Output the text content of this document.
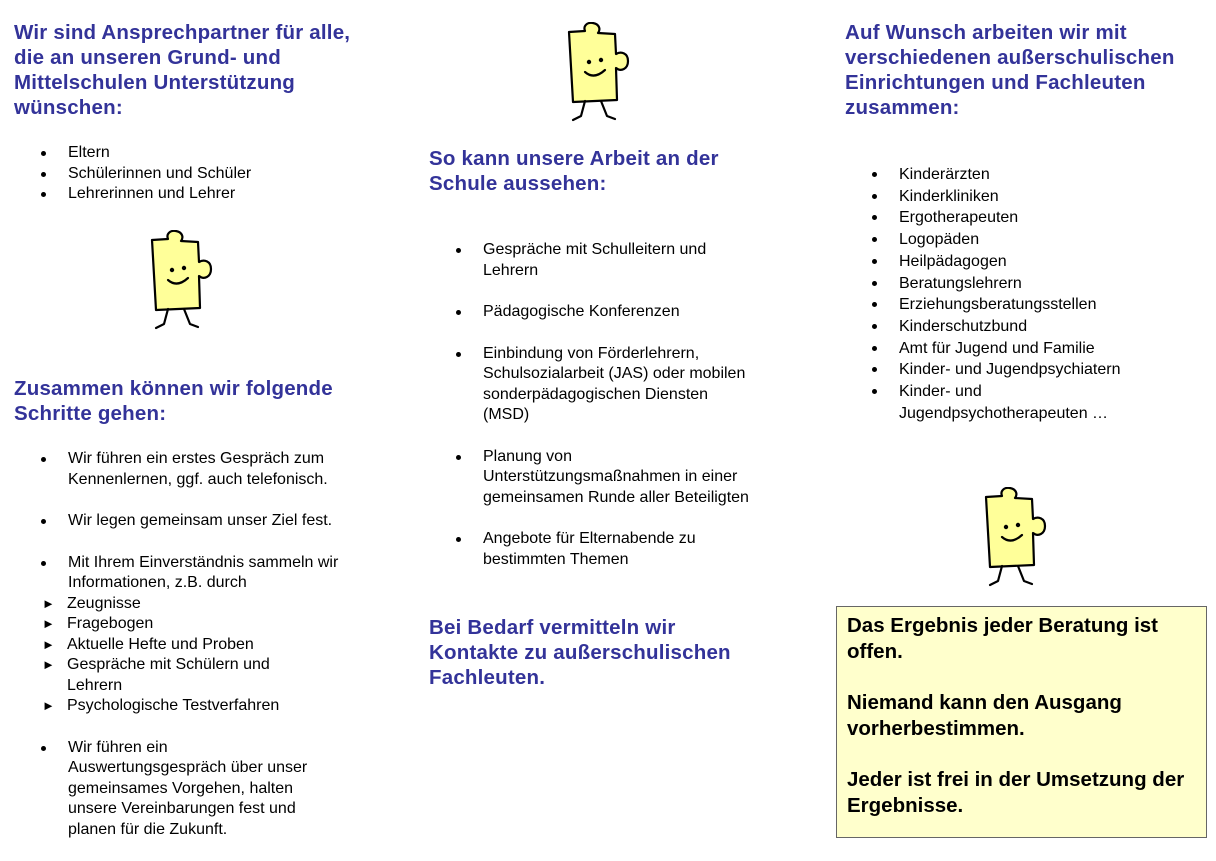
Wir sind Ansprechpartner für alle, die an unseren Grund- und Mittelschulen Unterstützung wünschen:
Eltern
Schülerinnen und Schüler
Lehrerinnen und Lehrer
Zusammen können wir folgende Schritte gehen:
Wir führen ein erstes Gespräch zum Kennenlernen, ggf. auch telefonisch.
Wir legen gemeinsam unser Ziel fest.
Mit Ihrem Einverständnis sammeln wir Informationen, z.B. durch
► Zeugnisse
► Fragebogen
► Aktuelle Hefte und Proben
► Gespräche mit Schülern und Lehrern
► Psychologische Testverfahren
Wir führen ein Auswertungsgespräch über unser gemeinsames Vorgehen, halten unsere Vereinbarungen fest und planen für die Zukunft.
So kann unsere Arbeit an der Schule aussehen:
Gespräche mit Schulleitern und Lehrern
Pädagogische Konferenzen
Einbindung von Förderlehrern, Schulsozialarbeit (JAS) oder mobilen sonderpädagogischen Diensten (MSD)
Planung von Unterstützungsmaßnahmen in einer gemeinsamen Runde aller Beteiligten
Angebote für Elternabende zu bestimmten Themen
Bei Bedarf vermitteln wir Kontakte zu außerschulischen Fachleuten.
Auf Wunsch arbeiten wir mit verschiedenen außerschulischen Einrichtungen und Fachleuten zusammen:
Kinderärzten
Kinderkliniken
Ergotherapeuten
Logopäden
Heilpädagogen
Beratungslehrern
Erziehungsberatungsstellen
Kinderschutzbund
Amt für Jugend und Familie
Kinder- und Jugendpsychiatern
Kinder- und Jugendpsychotherapeuten …

Das Ergebnis jeder Beratung ist offen.

Niemand kann den Ausgang vorherbestimmen.

Jeder ist frei in der Umsetzung der Ergebnisse.
